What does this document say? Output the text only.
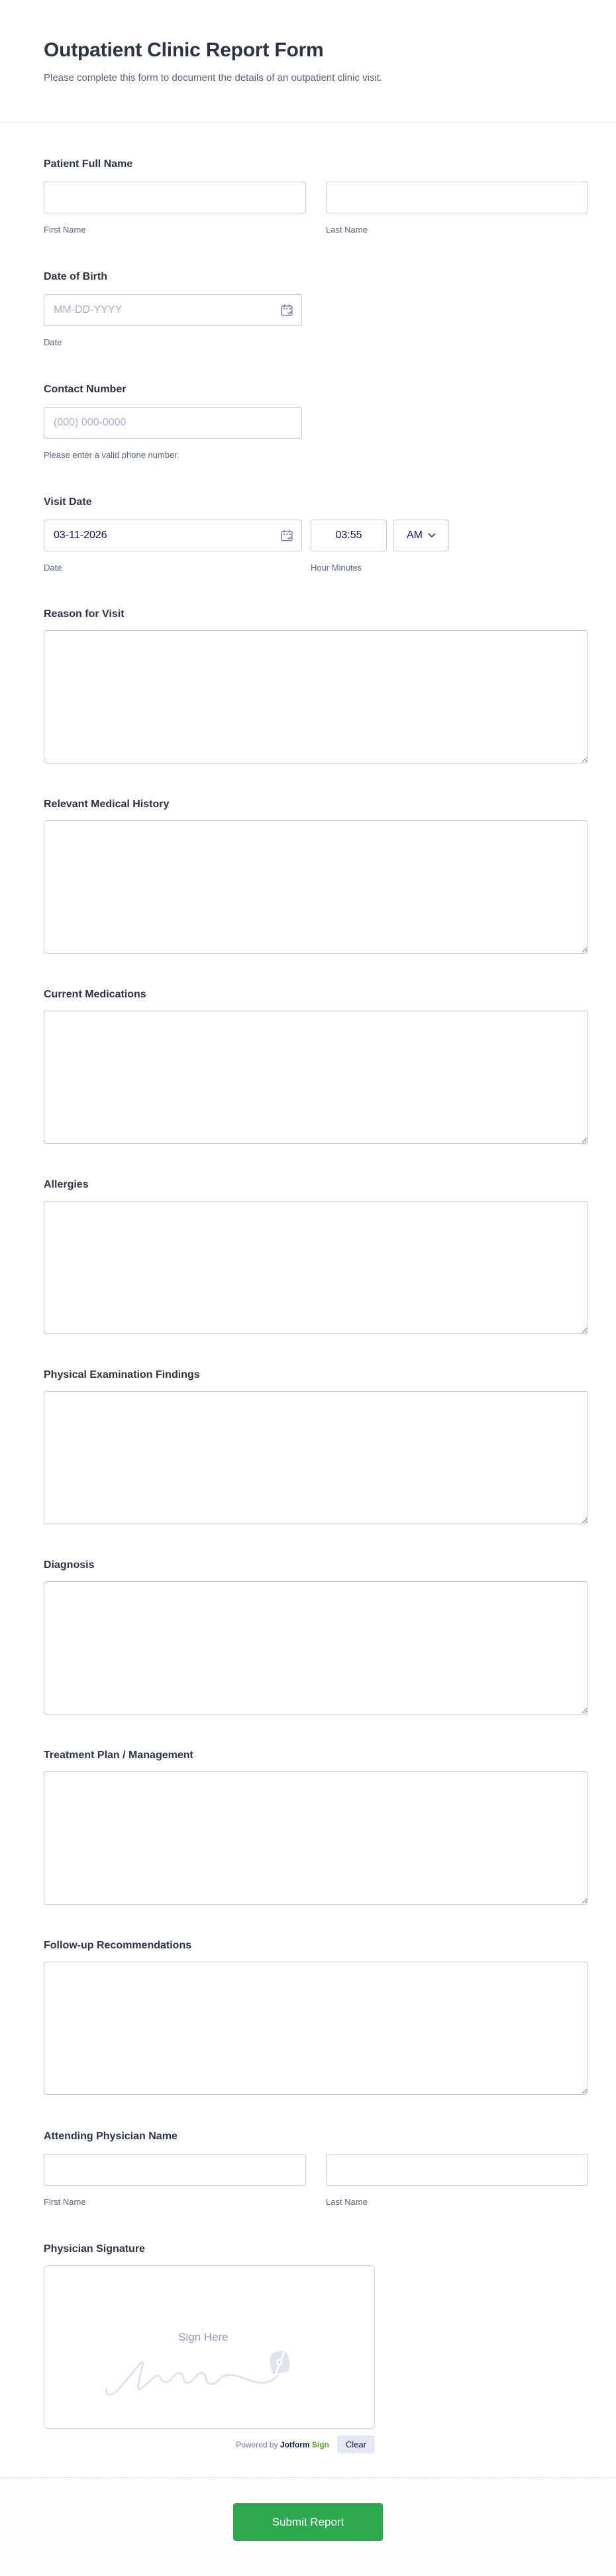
Outpatient Clinic Report Form
Please complete this form to document the details of an outpatient clinic visit.
Patient Full Name
First Name	Last Name
Date of Birth
MM-DD-YYYY
Date
Contact Number
(000) 000-0000
Please enter a valid phone number.
Visit Date
03-11-2026
03:55
AM
Date	Hour Minutes
Reason for Visit
Relevant Medical History
Current Medications
Allergies
Physical Examination Findings
Diagnosis
Treatment Plan / Management
Follow-up Recommendations
Attending Physician Name
First Name	Last Name
Physician Signature
Sign Here
Powered by Jotform Sign	Clear
Submit Report
